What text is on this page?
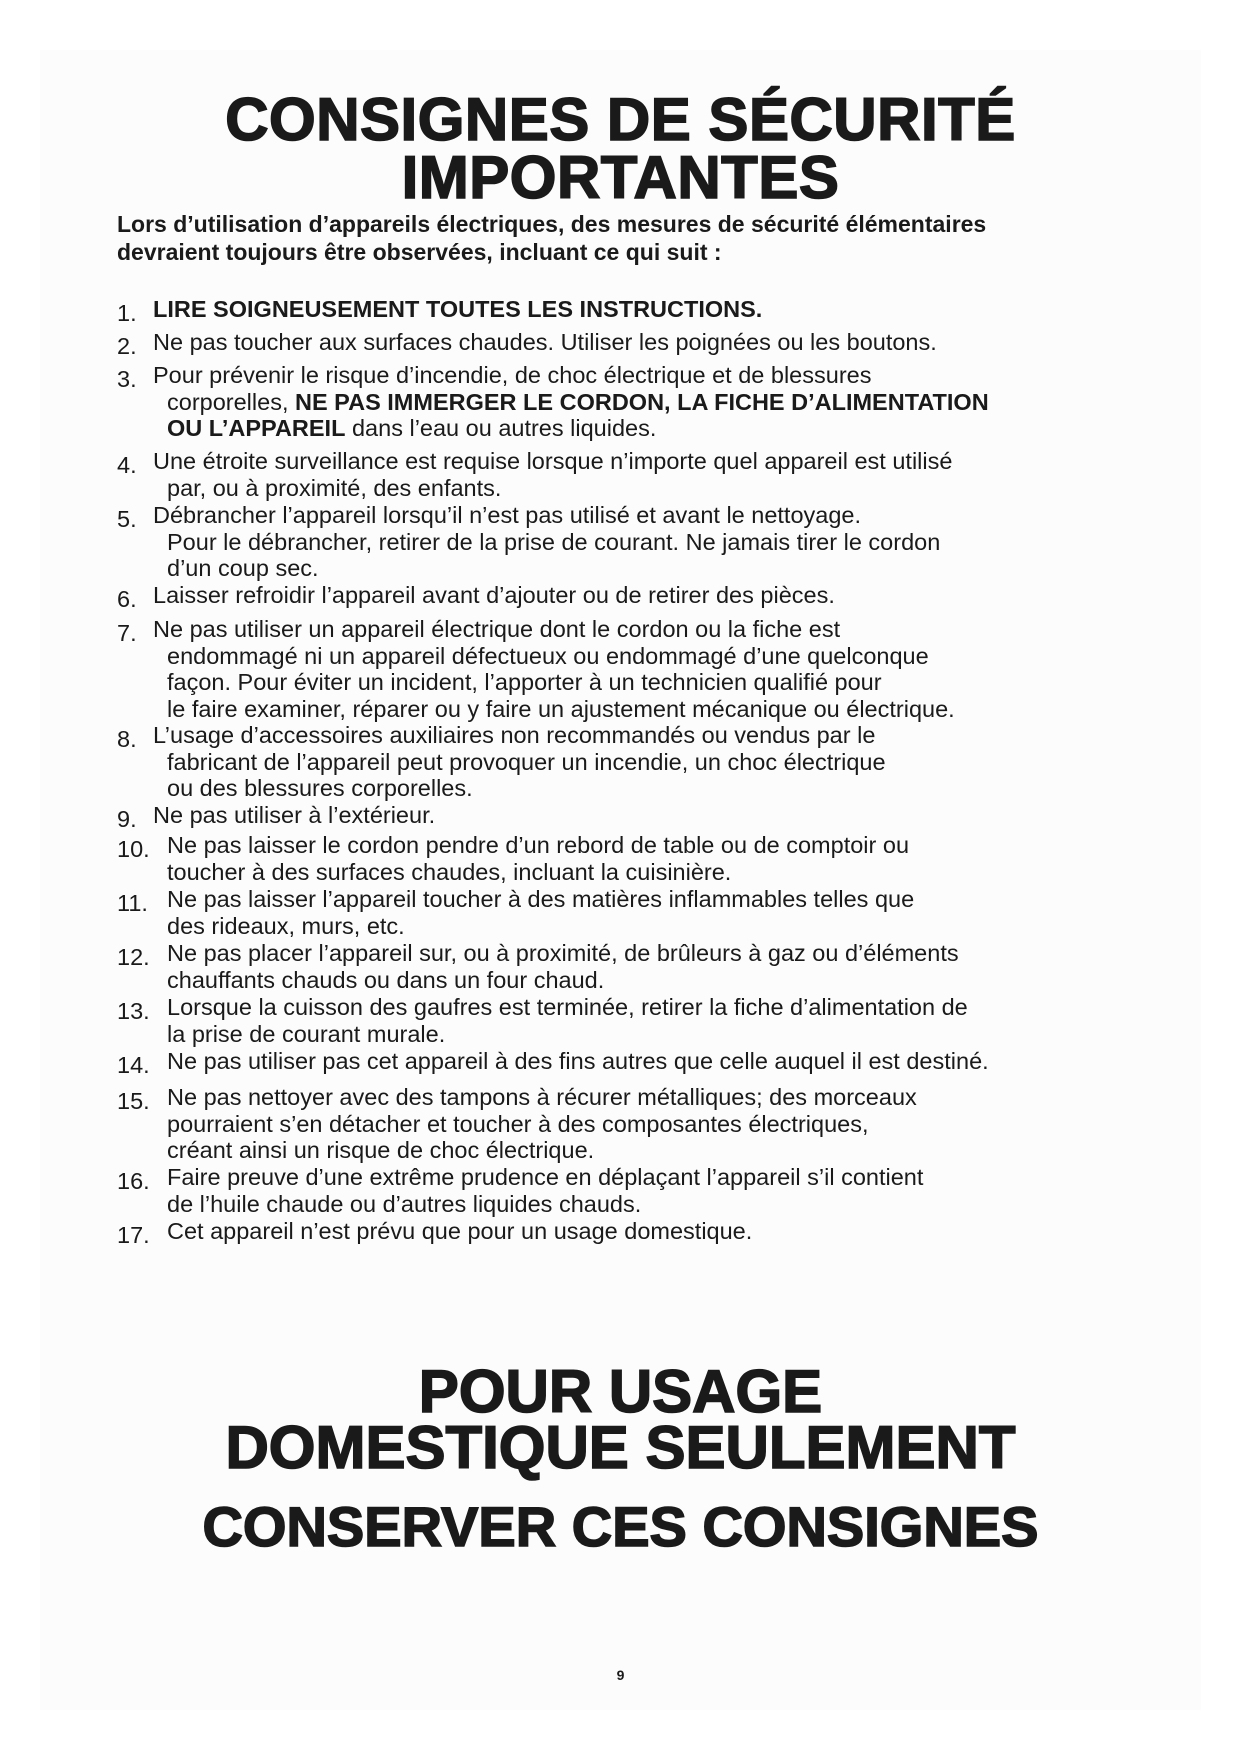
CONSIGNES DE SÉCURITÉ
IMPORTANTES
Lors d’utilisation d’appareils électriques, des mesures de sécurité élémentaires
devraient toujours être observées, incluant ce qui suit :
1. LIRE SOIGNEUSEMENT TOUTES LES INSTRUCTIONS.
2. Ne pas toucher aux surfaces chaudes. Utiliser les poignées ou les boutons.
3. Pour prévenir le risque d’incendie, de choc électrique et de blessures
corporelles, NE PAS IMMERGER LE CORDON, LA FICHE D’ALIMENTATION
OU L’APPAREIL dans l’eau ou autres liquides.
4. Une étroite surveillance est requise lorsque n’importe quel appareil est utilisé
par, ou à proximité, des enfants.
5. Débrancher l’appareil lorsqu’il n’est pas utilisé et avant le nettoyage.
Pour le débrancher, retirer de la prise de courant. Ne jamais tirer le cordon
d’un coup sec.
6. Laisser refroidir l’appareil avant d’ajouter ou de retirer des pièces.
7. Ne pas utiliser un appareil électrique dont le cordon ou la fiche est
endommagé ni un appareil défectueux ou endommagé d’une quelconque
façon. Pour éviter un incident, l’apporter à un technicien qualifié pour
le faire examiner, réparer ou y faire un ajustement mécanique ou électrique.
8. L’usage d’accessoires auxiliaires non recommandés ou vendus par le
fabricant de l’appareil peut provoquer un incendie, un choc électrique
ou des blessures corporelles.
9. Ne pas utiliser à l’extérieur.
10. Ne pas laisser le cordon pendre d’un rebord de table ou de comptoir ou
toucher à des surfaces chaudes, incluant la cuisinière.
11. Ne pas laisser l’appareil toucher à des matières inflammables telles que
des rideaux, murs, etc.
12. Ne pas placer l’appareil sur, ou à proximité, de brûleurs à gaz ou d’éléments
chauffants chauds ou dans un four chaud.
13. Lorsque la cuisson des gaufres est terminée, retirer la fiche d’alimentation de
la prise de courant murale.
14. Ne pas utiliser pas cet appareil à des fins autres que celle auquel il est destiné.
15. Ne pas nettoyer avec des tampons à récurer métalliques; des morceaux
pourraient s’en détacher et toucher à des composantes électriques,
créant ainsi un risque de choc électrique.
16. Faire preuve d’une extrême prudence en déplaçant l’appareil s’il contient
de l’huile chaude ou d’autres liquides chauds.
17. Cet appareil n’est prévu que pour un usage domestique.
POUR USAGE
DOMESTIQUE SEULEMENT
CONSERVER CES CONSIGNES
9
